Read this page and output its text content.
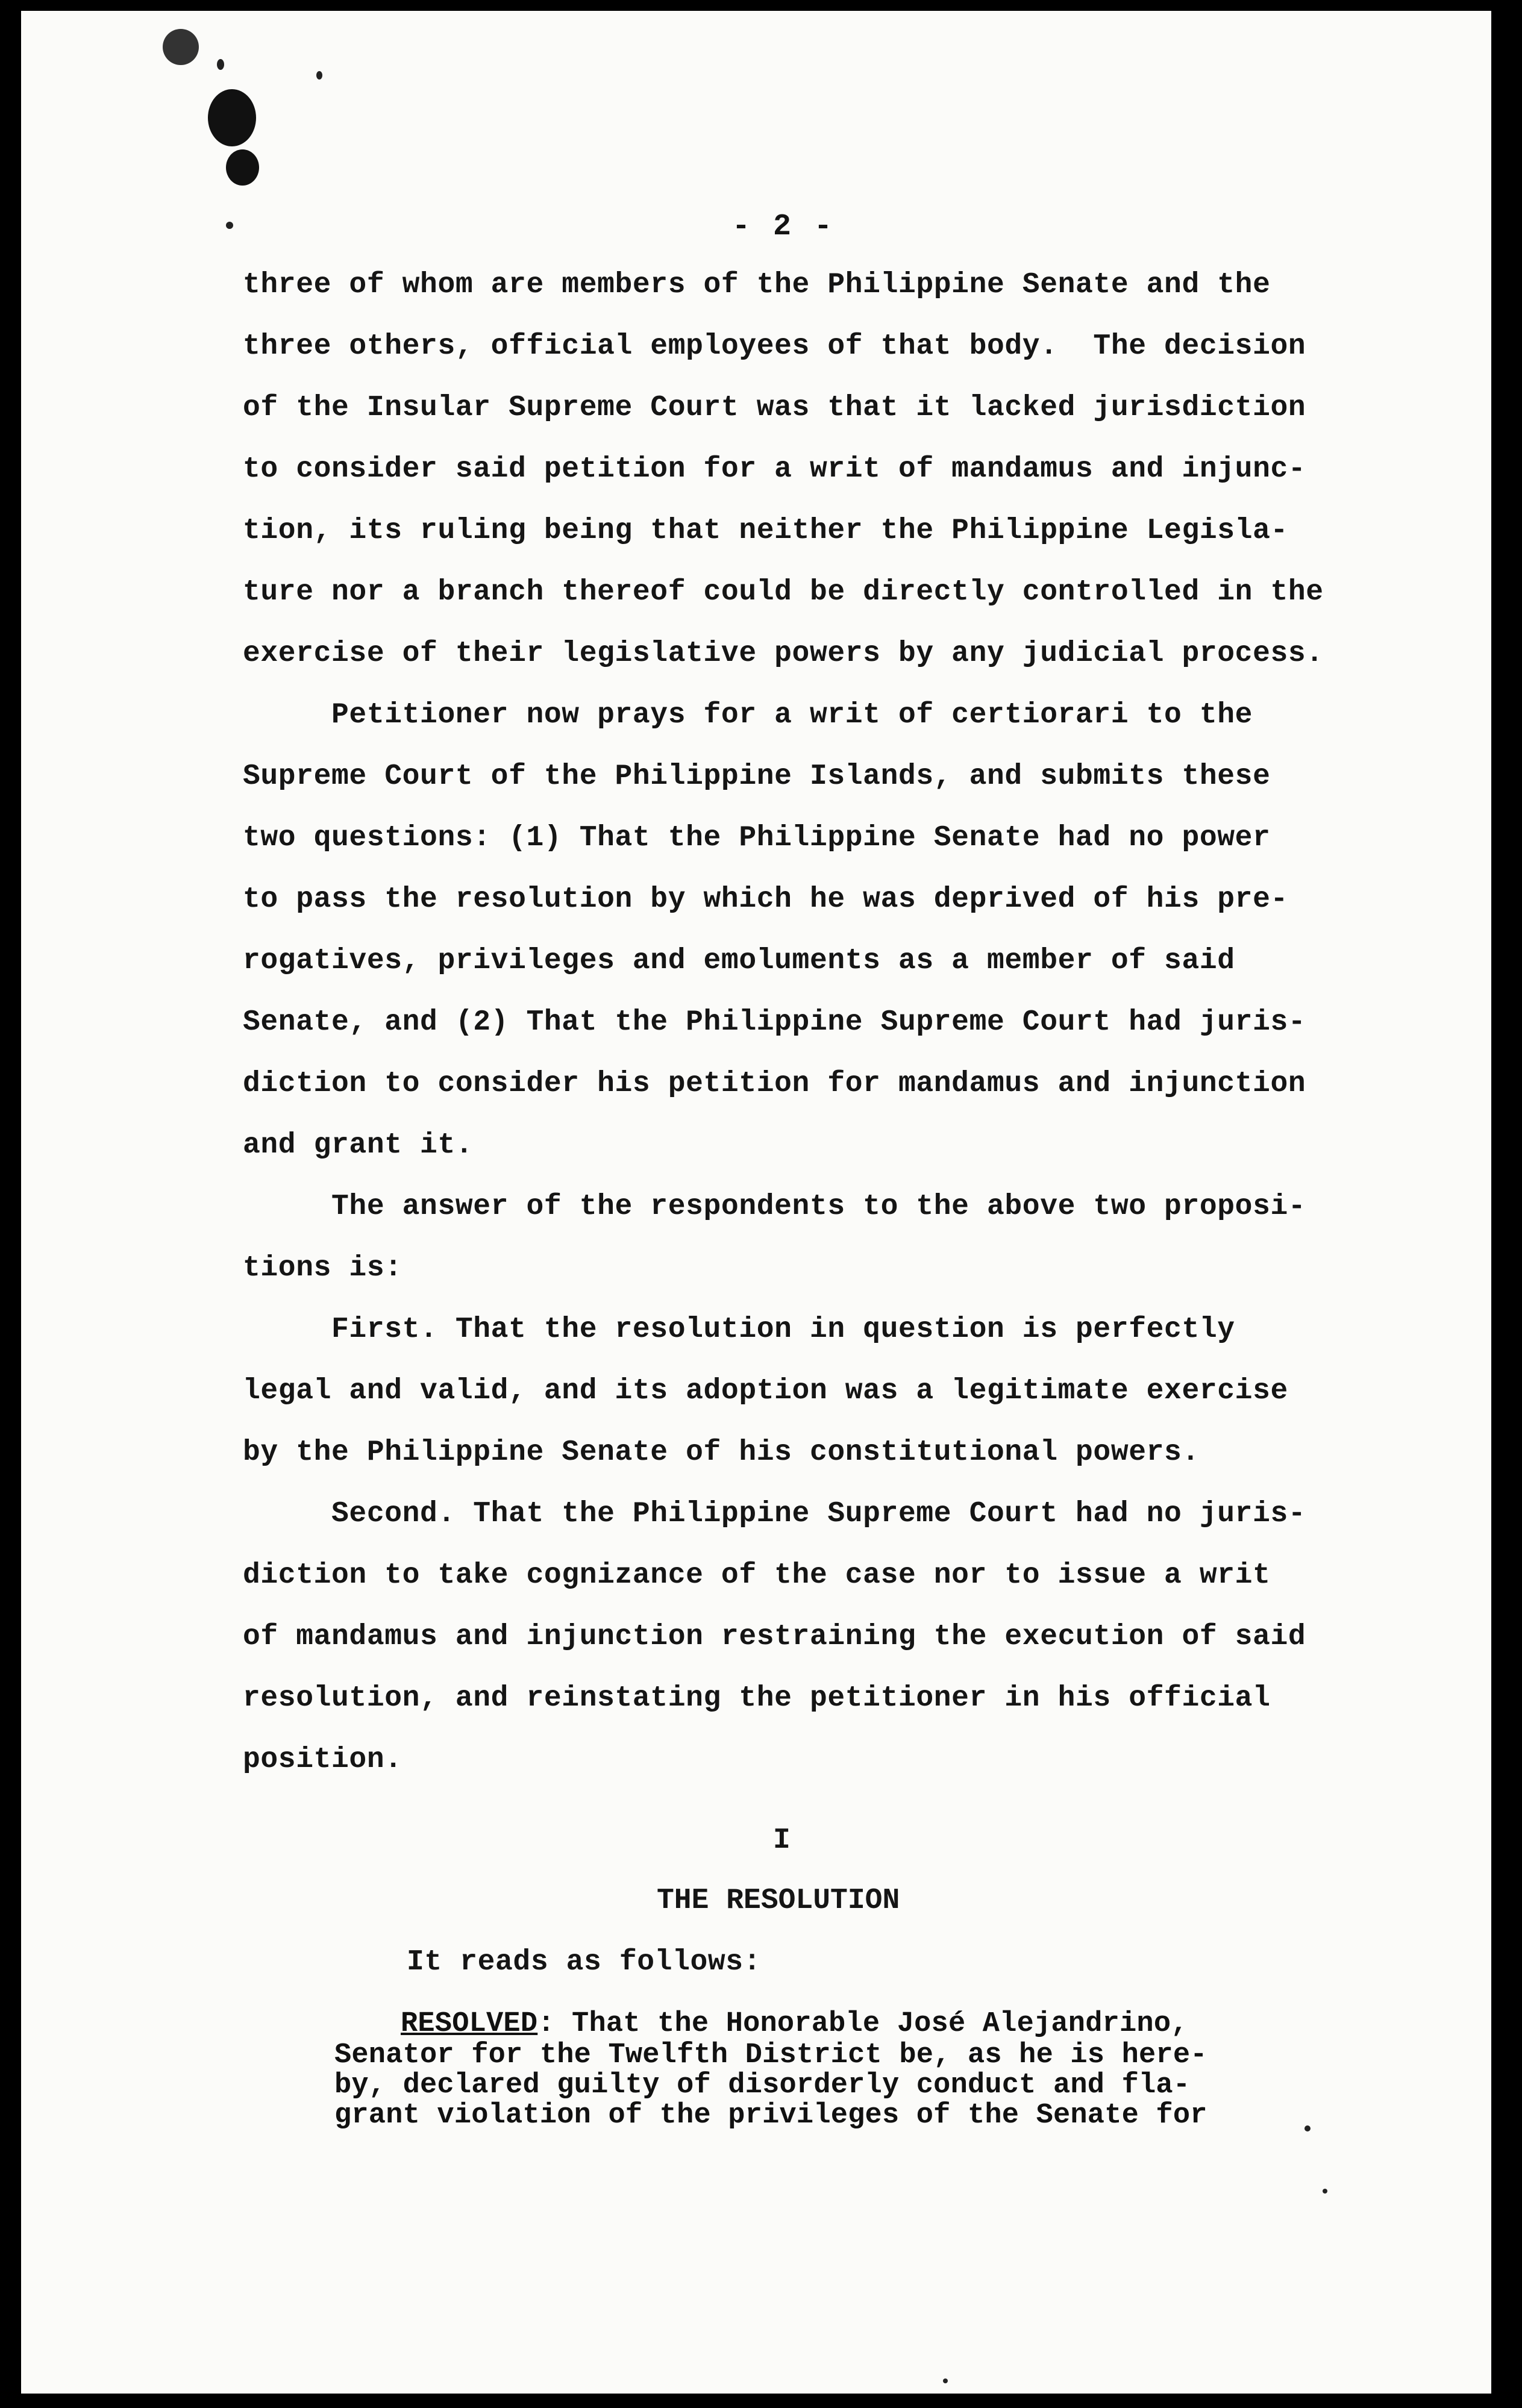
- 2 -
three of whom are members of the Philippine Senate and the
three others, official employees of that body.  The decision
of the Insular Supreme Court was that it lacked jurisdiction
to consider said petition for a writ of mandamus and injunc-
tion, its ruling being that neither the Philippine Legisla-
ture nor a branch thereof could be directly controlled in the
exercise of their legislative powers by any judicial process.
Petitioner now prays for a writ of certiorari to the
Supreme Court of the Philippine Islands, and submits these
two questions: (1) That the Philippine Senate had no power
to pass the resolution by which he was deprived of his pre-
rogatives, privileges and emoluments as a member of said
Senate, and (2) That the Philippine Supreme Court had juris-
diction to consider his petition for mandamus and injunction
and grant it.
The answer of the respondents to the above two proposi-
tions is:
First. That the resolution in question is perfectly
legal and valid, and its adoption was a legitimate exercise
by the Philippine Senate of his constitutional powers.
Second. That the Philippine Supreme Court had no juris-
diction to take cognizance of the case nor to issue a writ
of mandamus and injunction restraining the execution of said
resolution, and reinstating the petitioner in his official
position.
I
THE RESOLUTION
It reads as follows:
RESOLVED: That the Honorable José Alejandrino,
Senator for the Twelfth District be, as he is here-
by, declared guilty of disorderly conduct and fla-
grant violation of the privileges of the Senate for
